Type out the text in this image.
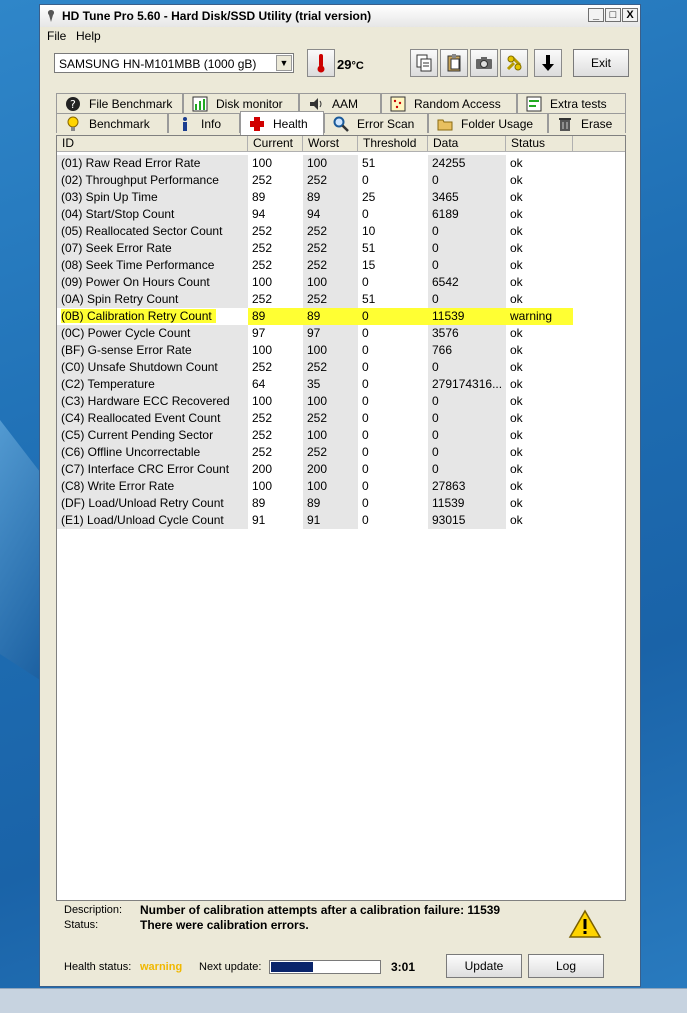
HD Tune Pro 5.60 - Hard Disk/SSD Utility (trial version)	_ □ X
File Help
SAMSUNG HN-M101MBB (1000 gB)	▼	29°C	Exit
? File Benchmark	Disk monitor	AAM	Random Access	Extra tests
Benchmark	Info	Health	Error Scan	Folder Usage	Erase
ID	Current	Worst	Threshold	Data	Status
(01) Raw Read Error Rate	100	100	51	24255	ok
(02) Throughput Performance	252	252	0	0	ok
(03) Spin Up Time	89	89	25	3465	ok
(04) Start/Stop Count	94	94	0	6189	ok
(05) Reallocated Sector Count	252	252	10	0	ok
(07) Seek Error Rate	252	252	51	0	ok
(08) Seek Time Performance	252	252	15	0	ok
(09) Power On Hours Count	100	100	0	6542	ok
(0A) Spin Retry Count	252	252	51	0	ok
(0B) Calibration Retry Count	89	89	0	11539	warning
(0C) Power Cycle Count	97	97	0	3576	ok
(BF) G-sense Error Rate	100	100	0	766	ok
(C0) Unsafe Shutdown Count	252	252	0	0	ok
(C2) Temperature	64	35	0	279174316... ok
(C3) Hardware ECC Recovered	100	100	0	0	ok
(C4) Reallocated Event Count	252	252	0	0	ok
(C5) Current Pending Sector	252	100	0	0	ok
(C6) Offline Uncorrectable	252	252	0	0	ok
(C7) Interface CRC Error Count	200	200	0	0	ok
(C8) Write Error Rate	100	100	0	27863	ok
(DF) Load/Unload Retry Count	89	89	0	11539	ok
(E1) Load/Unload Cycle Count	91	91	0	93015	ok
Description: Number of calibration attempts after a calibration failure: 11539
Status:	There were calibration errors.
Health status: warning Next update:	3:01	Update	Log
